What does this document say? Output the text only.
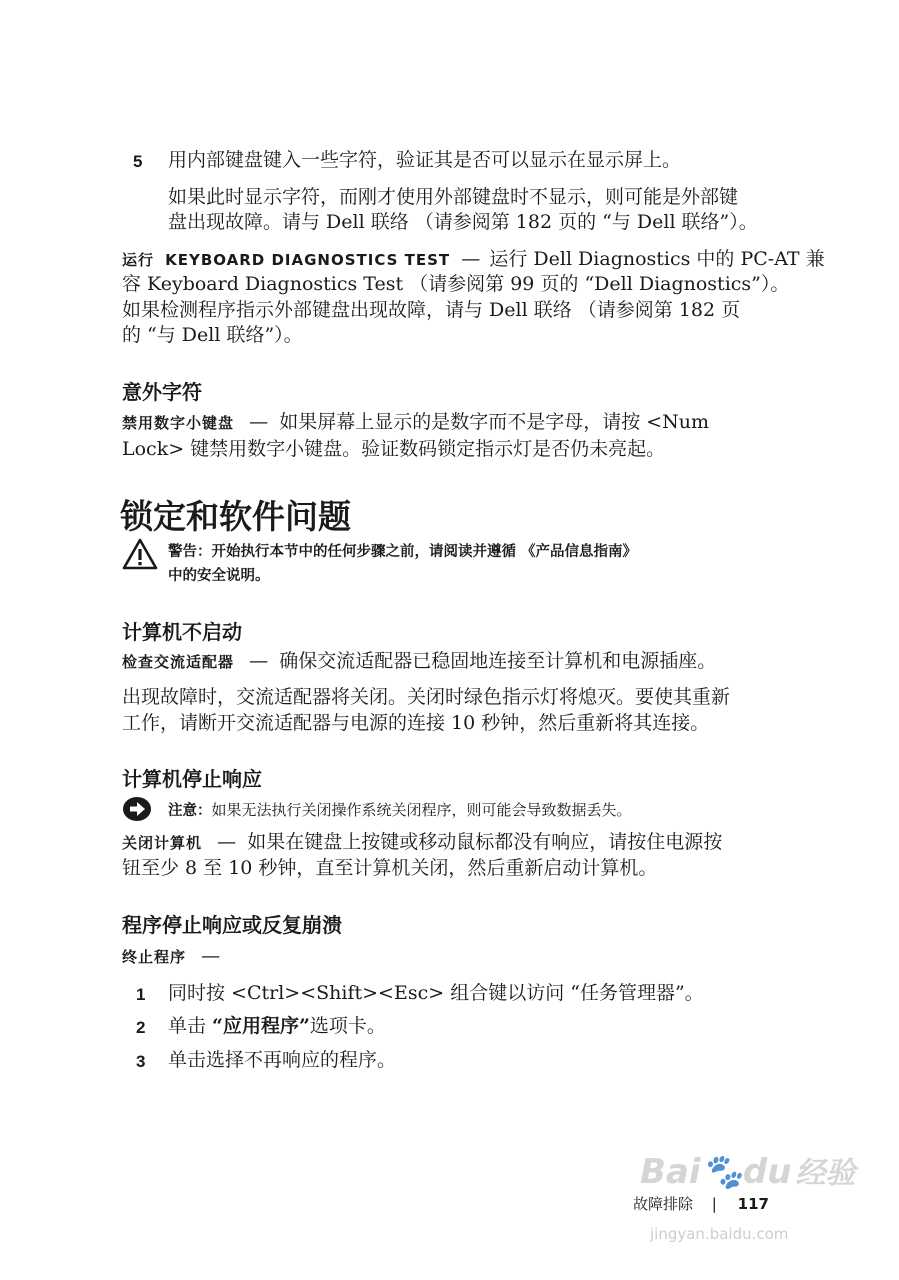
5 用内部键盘键入一些字符，验证其是否可以显示在显示屏上。
如果此时显示字符，而刚才使用外部键盘时不显示，则可能是外部键
盘出现故障。请与 Dell 联络 （请参阅第 182 页的 “与 Dell 联络”）。
运行 KEYBOARD DIAGNOSTICS TEST — 运行 Dell Diagnostics 中的 PC-AT 兼
容 Keyboard Diagnostics Test （请参阅第 99 页的 “Dell Diagnostics”）。
如果检测程序指示外部键盘出现故障，请与 Dell 联络 （请参阅第 182 页
的 “与 Dell 联络”）。
意外字符
禁用数字小键盘 — 如果屏幕上显示的是数字而不是字母，请按 <Num
Lock> 键禁用数字小键盘。验证数码锁定指示灯是否仍未亮起。
锁定和软件问题
警告：开始执行本节中的任何步骤之前，请阅读并遵循 《产品信息指南》
中的安全说明。
计算机不启动
检查交流适配器 — 确保交流适配器已稳固地连接至计算机和电源插座。
出现故障时，交流适配器将关闭。关闭时绿色指示灯将熄灭。要使其重新
工作，请断开交流适配器与电源的连接 10 秒钟，然后重新将其连接。
计算机停止响应
注意：如果无法执行关闭操作系统关闭程序，则可能会导致数据丢失。
关闭计算机 — 如果在键盘上按键或移动鼠标都没有响应，请按住电源按
钮至少 8 至 10 秒钟，直至计算机关闭，然后重新启动计算机。
程序停止响应或反复崩溃
终止程序 —
1 同时按 <Ctrl><Shift><Esc> 组合键以访问 “任务管理器”。
2 单击 “应用程序”选项卡。
3 单击选择不再响应的程序。
故障排除 | 117
Bai🐾du 经验
jingyan.baidu.com
